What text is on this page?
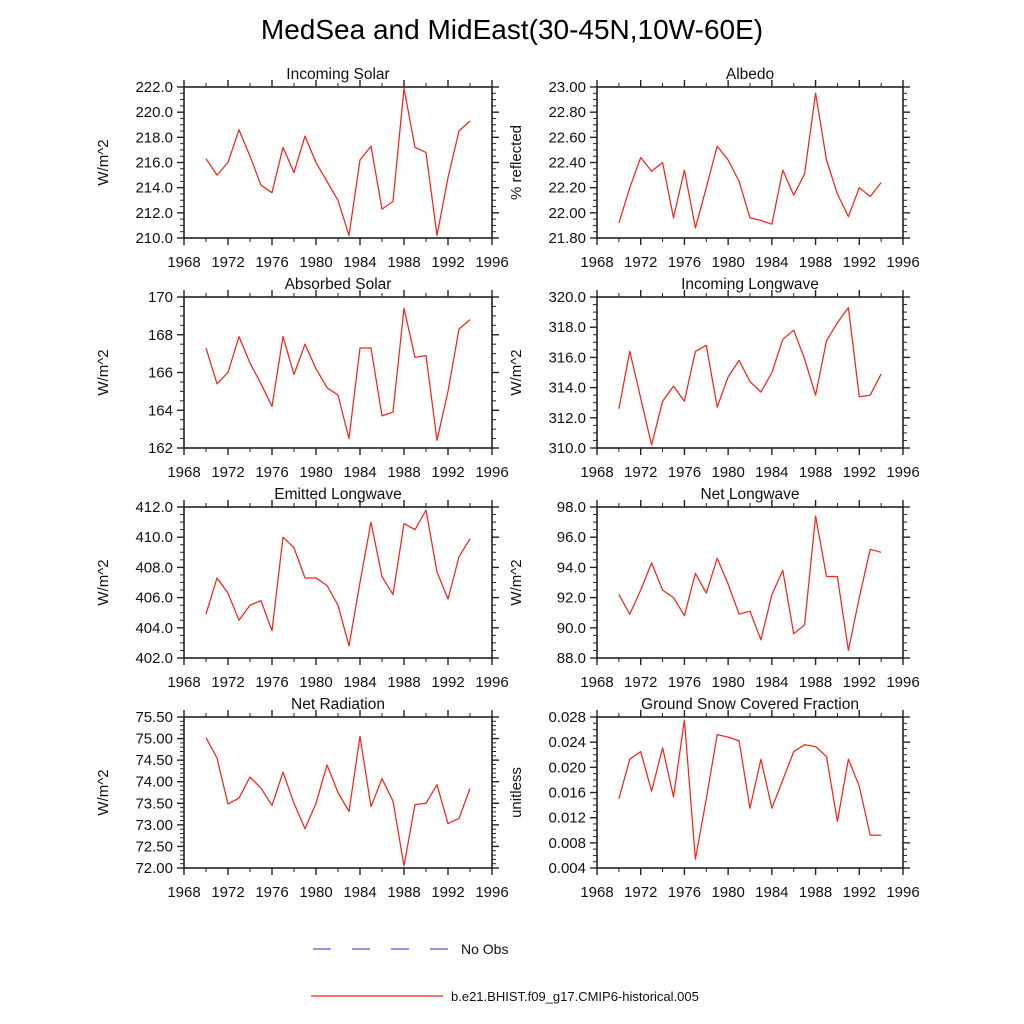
MedSea and MidEast(30-45N,10W-60E)
210.0
212.0
214.0
216.0
218.0
220.0
222.0
1968 1972 1976 1980 1984 1988 1992 1996
Incoming Solar
W/m^2
21.80
22.00
22.20
22.40
22.60
22.80
23.00
1968 1972 1976 1980 1984 1988 1992 1996
Albedo
% reflected
162
164
166
168
170
1968 1972 1976 1980 1984 1988 1992 1996
Absorbed Solar
W/m^2
310.0
312.0
314.0
316.0
318.0
320.0
1968 1972 1976 1980 1984 1988 1992 1996
Incoming Longwave
W/m^2
402.0
404.0
406.0
408.0
410.0
412.0
1968 1972 1976 1980 1984 1988 1992 1996
Emitted Longwave
W/m^2
88.0
90.0
92.0
94.0
96.0
98.0
1968 1972 1976 1980 1984 1988 1992 1996
Net Longwave
W/m^2
72.00
72.50
73.00
73.50
74.00
74.50
75.00
75.50
1968 1972 1976 1980 1984 1988 1992 1996
Net Radiation
W/m^2
0.004
0.008
0.012
0.016
0.020
0.024
0.028
1968 1972 1976 1980 1984 1988 1992 1996
Ground Snow Covered Fraction
unitless
No Obs
b.e21.BHIST.f09_g17.CMIP6-historical.005
